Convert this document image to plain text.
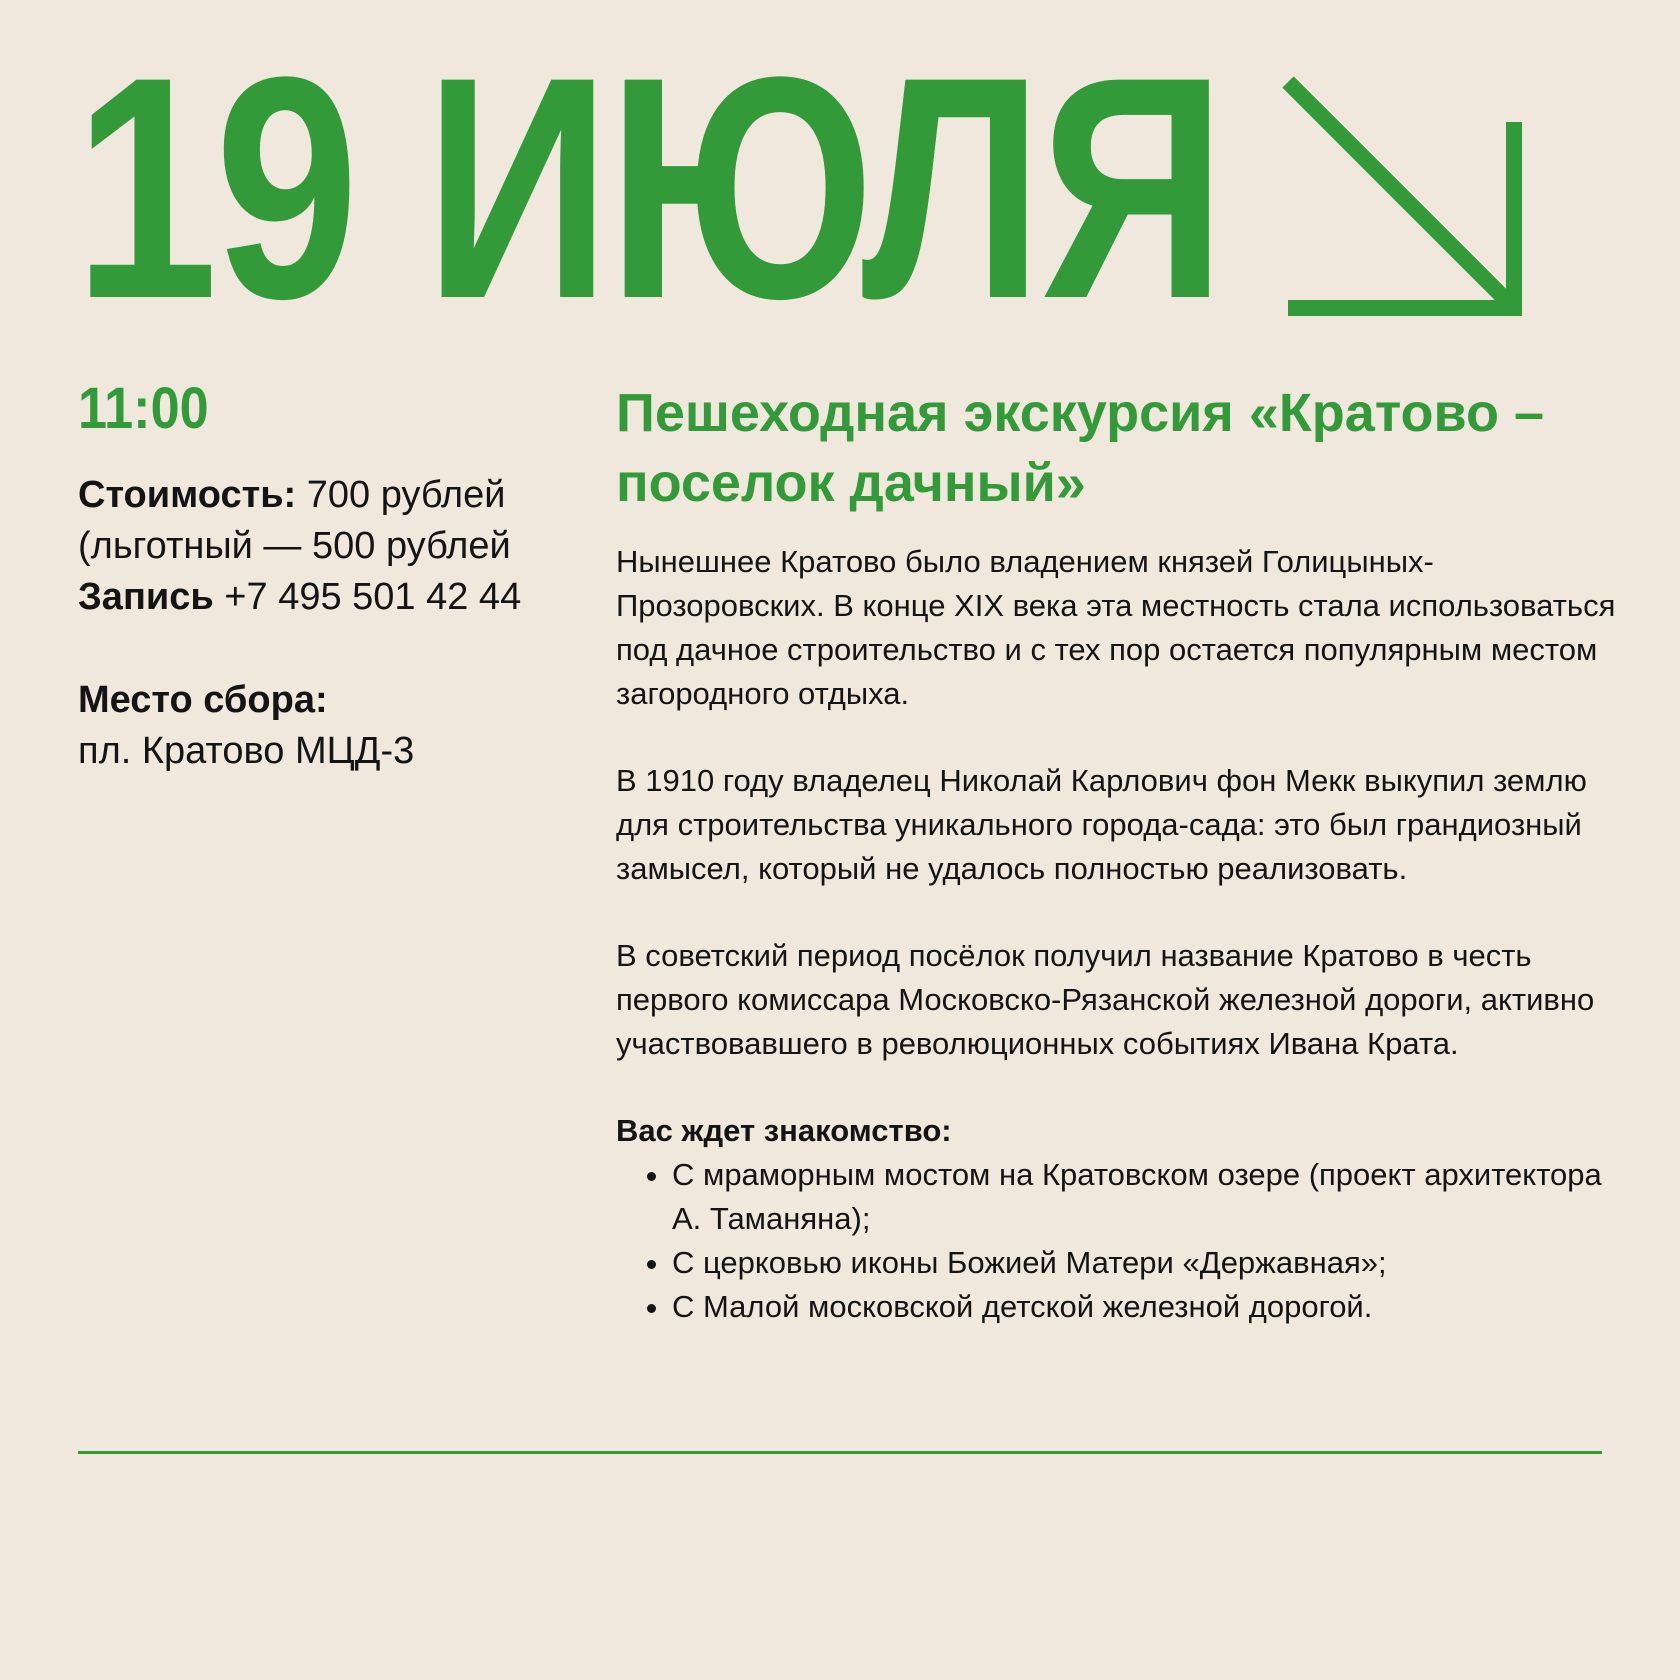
19 ИЮЛЯ
11:00
Стоимость: 700 рублей (льготный — 500 рублей
Запись +7 495 501 42 44
Место сбора:
пл. Кратово МЦД-3
Пешеходная экскурсия «Кратово – поселок дачный»

Нынешнее Кратово было владением князей Голицыных-Прозоровских. В конце XIX века эта местность стала использоваться под дачное строительство и с тех пор остается популярным местом загородного отдыха.

В 1910 году владелец Николай Карлович фон Мекк выкупил землю для строительства уникального города-сада: это был грандиозный замысел, который не удалось полностью реализовать.

В советский период посёлок получил название Кратово в честь первого комиссара Московско-Рязанской железной дороги, активно участвовавшего в революционных событиях Ивана Крата.

Вас ждет знакомство:

• С мраморным мостом на Кратовском озере (проект архитектора А. Таманяна);
• С церковью иконы Божией Матери «Державная»;
• С Малой московской детской железной дорогой.
